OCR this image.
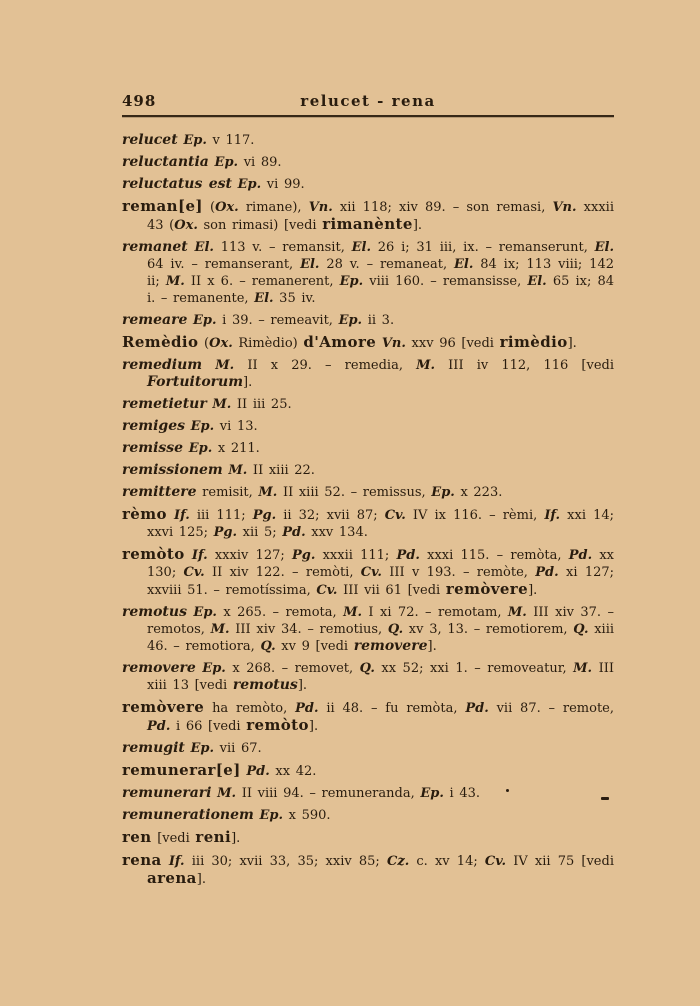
498	relucet - rena

relucet Ep. v 117.

reluctantia Ep. vi 89.

reluctatus est Ep. vi 99.

reman[e] (Ox. rimane), Vn. xii 118; xiv 89. – son remasi, Vn. xxxii 43 (Ox. son rimasi) [vedi rimanènte].

remanet El. 113 v. – remansit, El. 26 i; 31 iii, ix. – remanserunt, El. 64 iv. – remanserant, El. 28 v. – remaneat, El. 84 ix; 113 viii; 142 ii; M. II x 6. – remanerent, Ep. viii 160. – remansisse, El. 65 ix; 84 i. – remanente, El. 35 iv.

remeare Ep. i 39. – remeavit, Ep. ii 3.

Remèdio (Ox. Rimèdio) d'Amore Vn. xxv 96 [vedi rimèdio].

remedium M. II x 29. – remedia, M. III iv 112, 116 [vedi Fortuitorum].

remetietur M. II iii 25.

remiges Ep. vi 13.

remisse Ep. x 211.

remissionem M. II xiii 22.

remittere remisit, M. II xiii 52. – remissus, Ep. x 223.

rèmo If. iii 111; Pg. ii 32; xvii 87; Cv. IV ix 116. – rèmi, If. xxi 14; xxvi 125; Pg. xii 5; Pd. xxv 134.

remòto If. xxxiv 127; Pg. xxxii 111; Pd. xxxi 115. – remòta, Pd. xx 130; Cv. II xiv 122. – remòti, Cv. III v 193. – remòte, Pd. xi 127; xxviii 51. – remotíssima, Cv. III vii 61 [vedi remòvere].

remotus Ep. x 265. – remota, M. I xi 72. – remotam, M. III xiv 37. – remotos, M. III xiv 34. – remotius, Q. xv 3, 13. – remotiorem, Q. xiii 46. – remotiora, Q. xv 9 [vedi removere].

removere Ep. x 268. – removet, Q. xx 52; xxi 1. – removeatur, M. III xiii 13 [vedi remotus].

remòvere ha remòto, Pd. ii 48. – fu remòta, Pd. vii 87. – remote, Pd. i 66 [vedi remòto].

remugit Ep. vii 67.

remunerar[e] Pd. xx 42.

remunerari M. II viii 94. – remuneranda, Ep. i 43.

remunerationem Ep. x 590.

ren [vedi reni].

rena If. iii 30; xvii 33, 35; xxiv 85; Cz. c. xv 14; Cv. IV xii 75 [vedi arena].
